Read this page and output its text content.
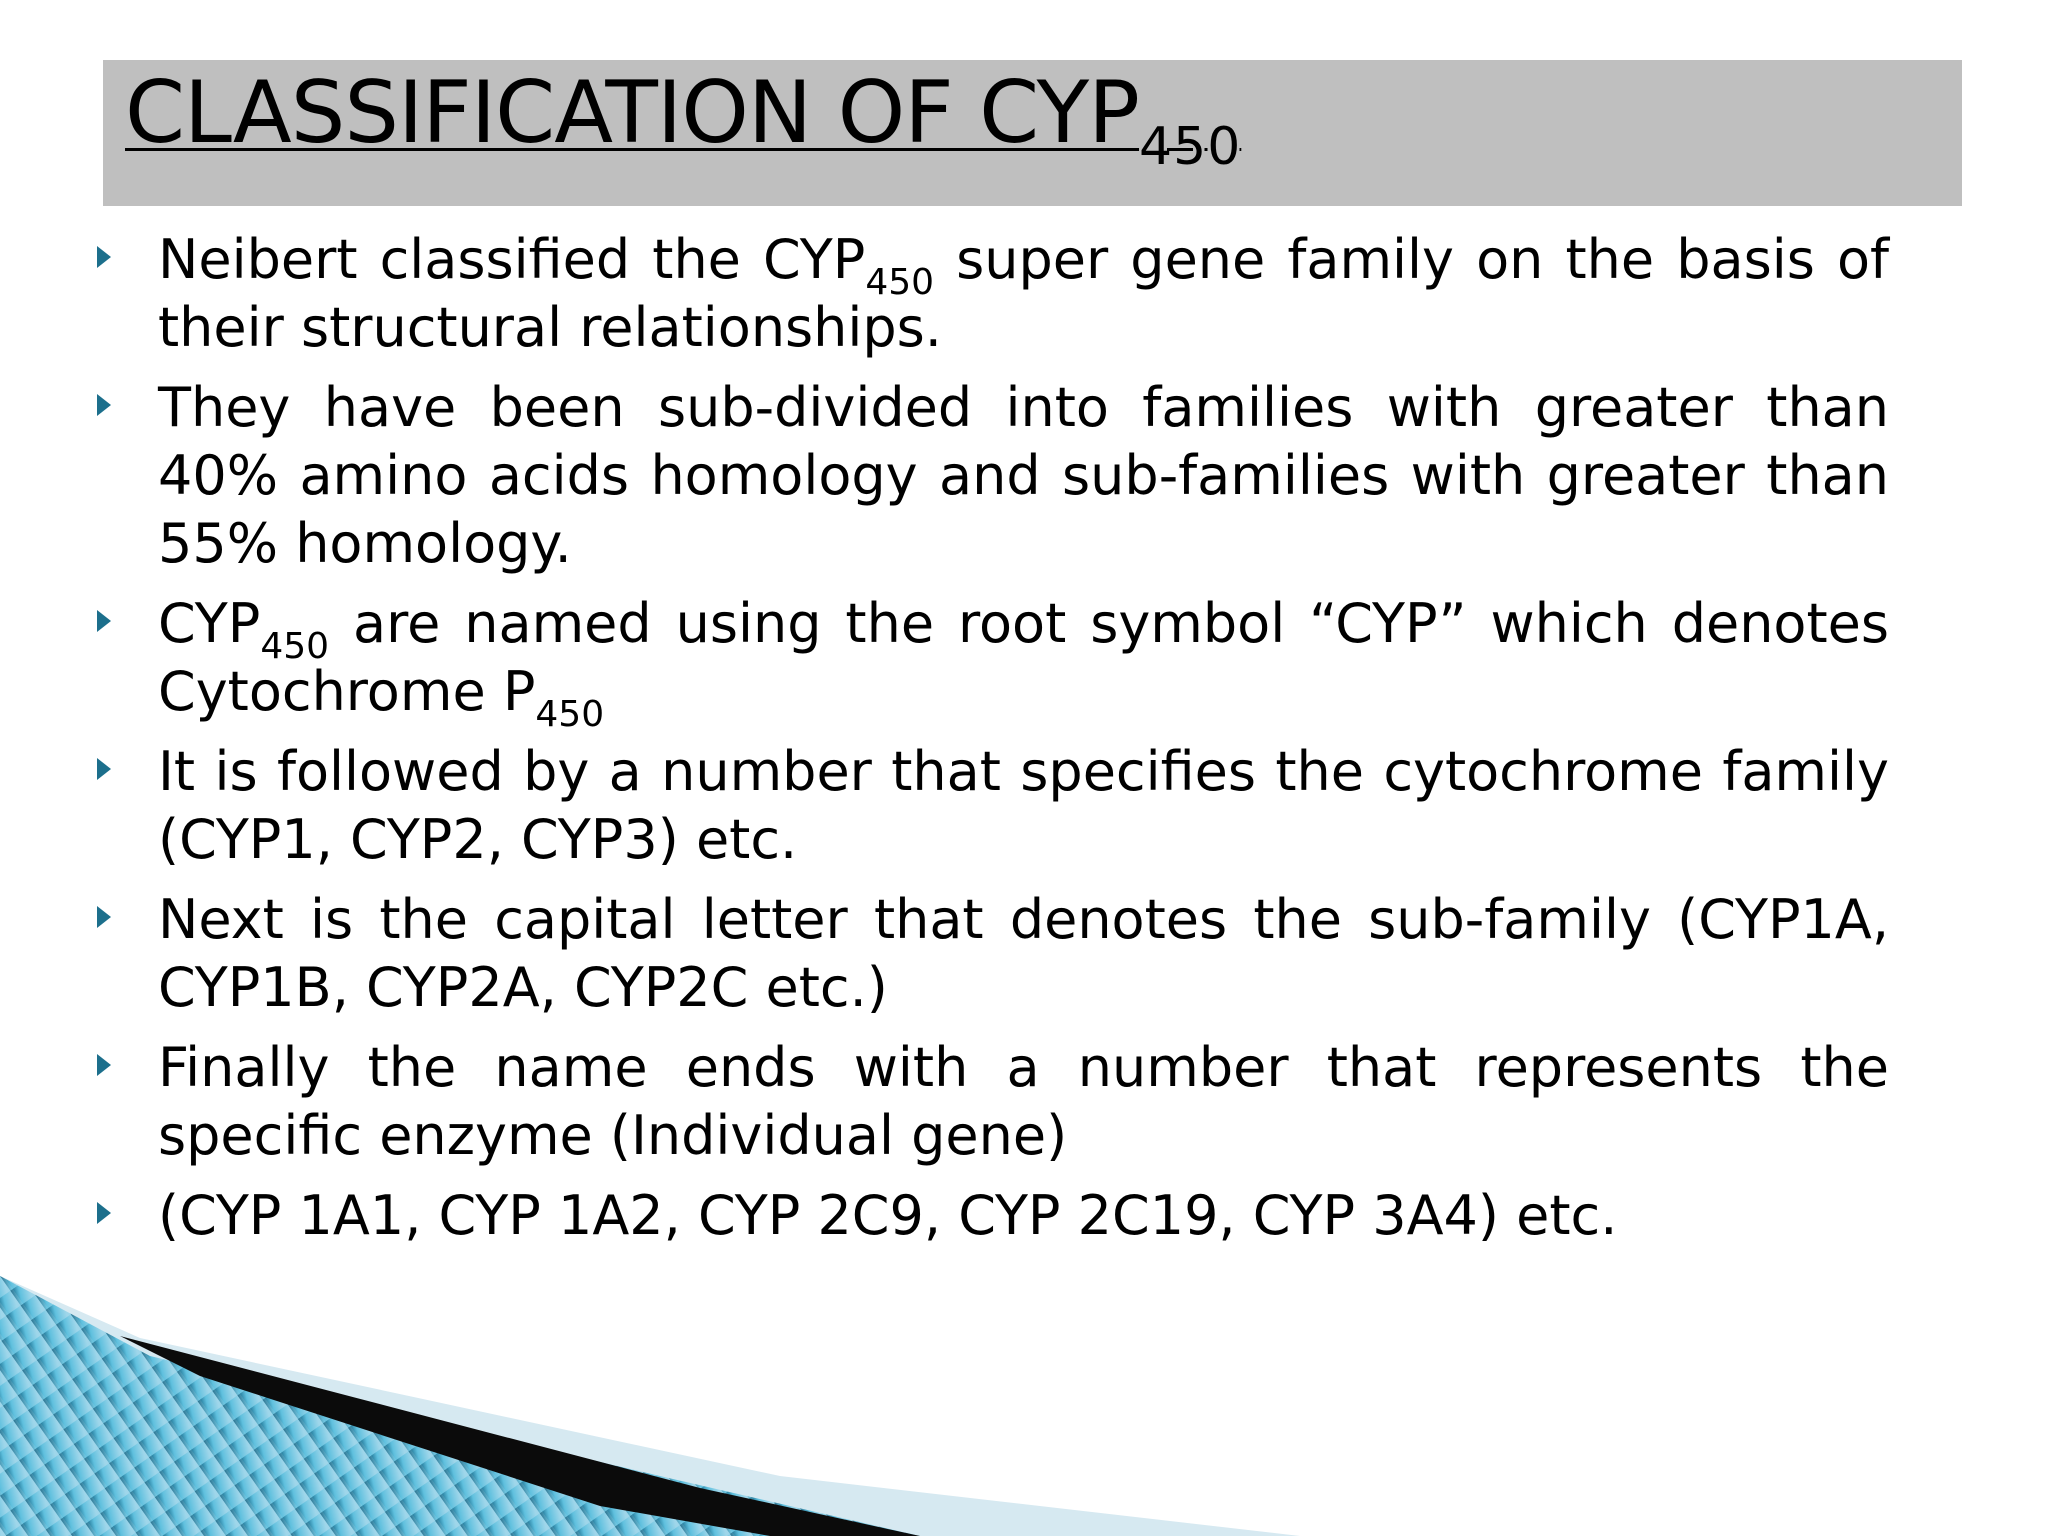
CLASSIFICATION OF $CYP_{450}$
Neibert classified the $CYP_{450}$ super gene family on the basis of their structural relationships.
They have been sub-divided into families with greater than 40% amino acids homology and sub-families with greater than 55% homology.
$CYP_{450}$ are named using the root symbol “CYP” which denotes Cytochrome $P_{450}$
It is followed by a number that specifies the cytochrome family (CYP1, CYP2, CYP3) etc.
Next is the capital letter that denotes the sub-family (CYP1A, CYP1B, CYP2A, CYP2C etc.)
Finally the name ends with a number that represents the specific enzyme (Individual gene)
(CYP 1A1, CYP 1A2, CYP 2C9, CYP 2C19, CYP 3A4) etc.
